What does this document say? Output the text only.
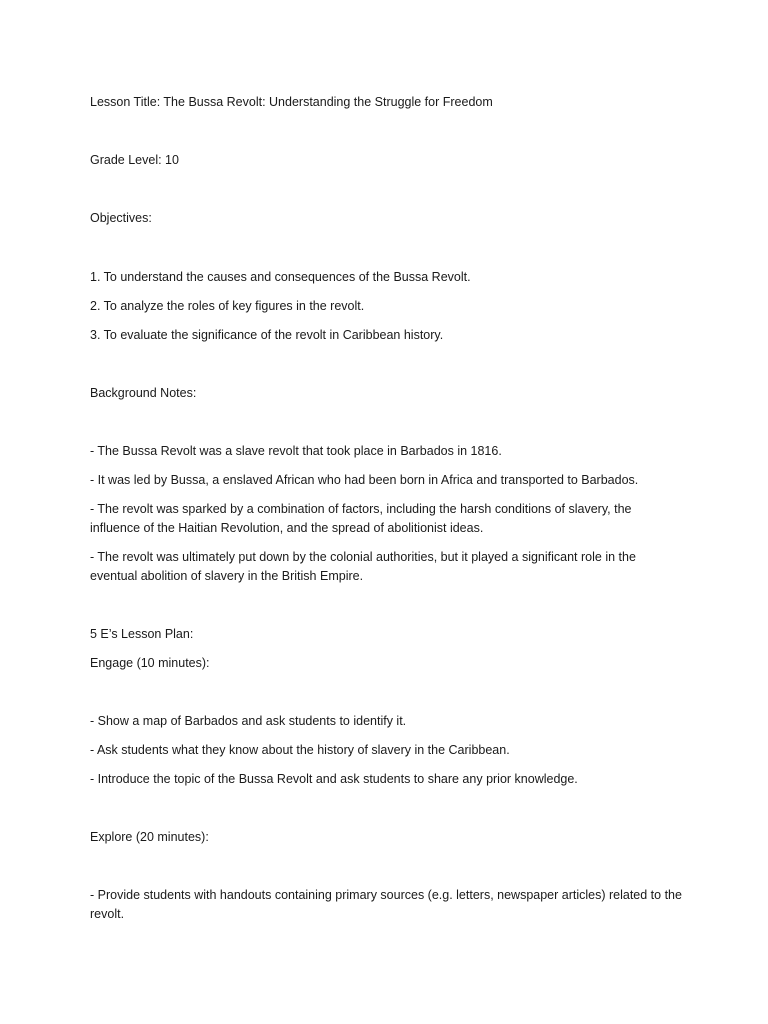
Lesson Title: The Bussa Revolt: Understanding the Struggle for Freedom

Grade Level: 10

Objectives:

1. To understand the causes and consequences of the Bussa Revolt.

2. To analyze the roles of key figures in the revolt.

3. To evaluate the significance of the revolt in Caribbean history.

Background Notes:

- The Bussa Revolt was a slave revolt that took place in Barbados in 1816.

- It was led by Bussa, a enslaved African who had been born in Africa and transported to Barbados.

- The revolt was sparked by a combination of factors, including the harsh conditions of slavery, the influence of the Haitian Revolution, and the spread of abolitionist ideas.

- The revolt was ultimately put down by the colonial authorities, but it played a significant role in the eventual abolition of slavery in the British Empire.

5 E’s Lesson Plan:

Engage (10 minutes):

- Show a map of Barbados and ask students to identify it.

- Ask students what they know about the history of slavery in the Caribbean.

- Introduce the topic of the Bussa Revolt and ask students to share any prior knowledge.

Explore (20 minutes):

- Provide students with handouts containing primary sources (e.g. letters, newspaper articles) related to the revolt.
